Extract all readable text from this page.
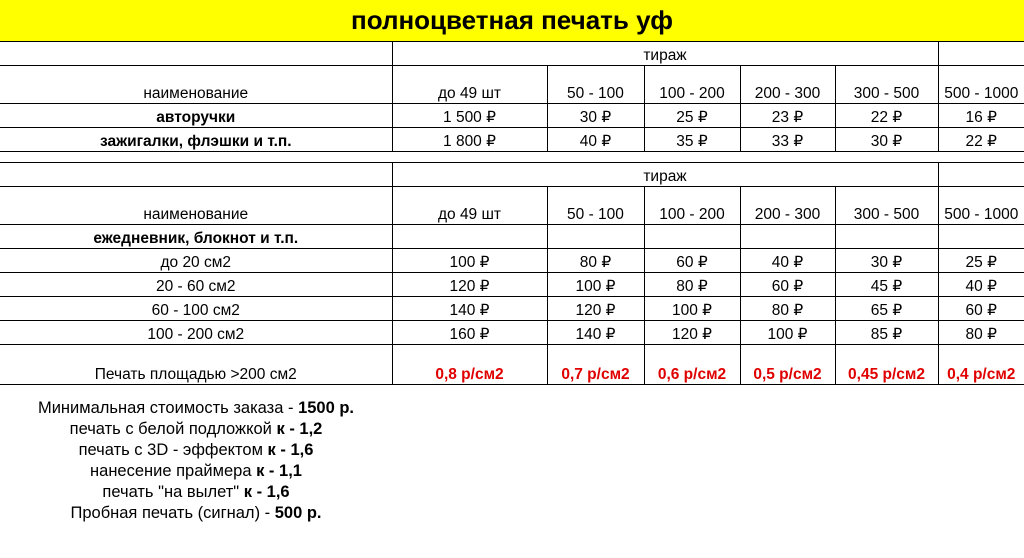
полноцветная печать уф
	тираж					
наименование	до 49 шт	50 - 100	100 - 200	200 - 300	300 - 500	500 - 1000
авторучки	1 500 ₽	30 ₽	25 ₽	23 ₽	22 ₽	16 ₽
зажигалки, флэшки и т.п.	1 800 ₽	40 ₽	35 ₽	33 ₽	30 ₽	22 ₽

	тираж					
наименование	до 49 шт	50 - 100	100 - 200	200 - 300	300 - 500	500 - 1000
ежедневник, блокнот и т.п.						
до 20 см2	100 ₽	80 ₽	60 ₽	40 ₽	30 ₽	25 ₽
20 - 60 см2	120 ₽	100 ₽	80 ₽	60 ₽	45 ₽	40 ₽
60 - 100 см2	140 ₽	120 ₽	100 ₽	80 ₽	65 ₽	60 ₽
100 - 200 см2	160 ₽	140 ₽	120 ₽	100 ₽	85 ₽	80 ₽
Печать площадью >200 см2	0,8 р/см2	0,7 р/см2	0,6 р/см2	0,5 р/см2	0,45 р/см2	0,4 р/см2
Минимальная стоимость заказа - 1500 р.
печать с белой подложкой к - 1,2
печать с 3D - эффектом к - 1,6
нанесение праймера к - 1,1
печать "на вылет" к - 1,6
Пробная печать (сигнал) - 500 р.
